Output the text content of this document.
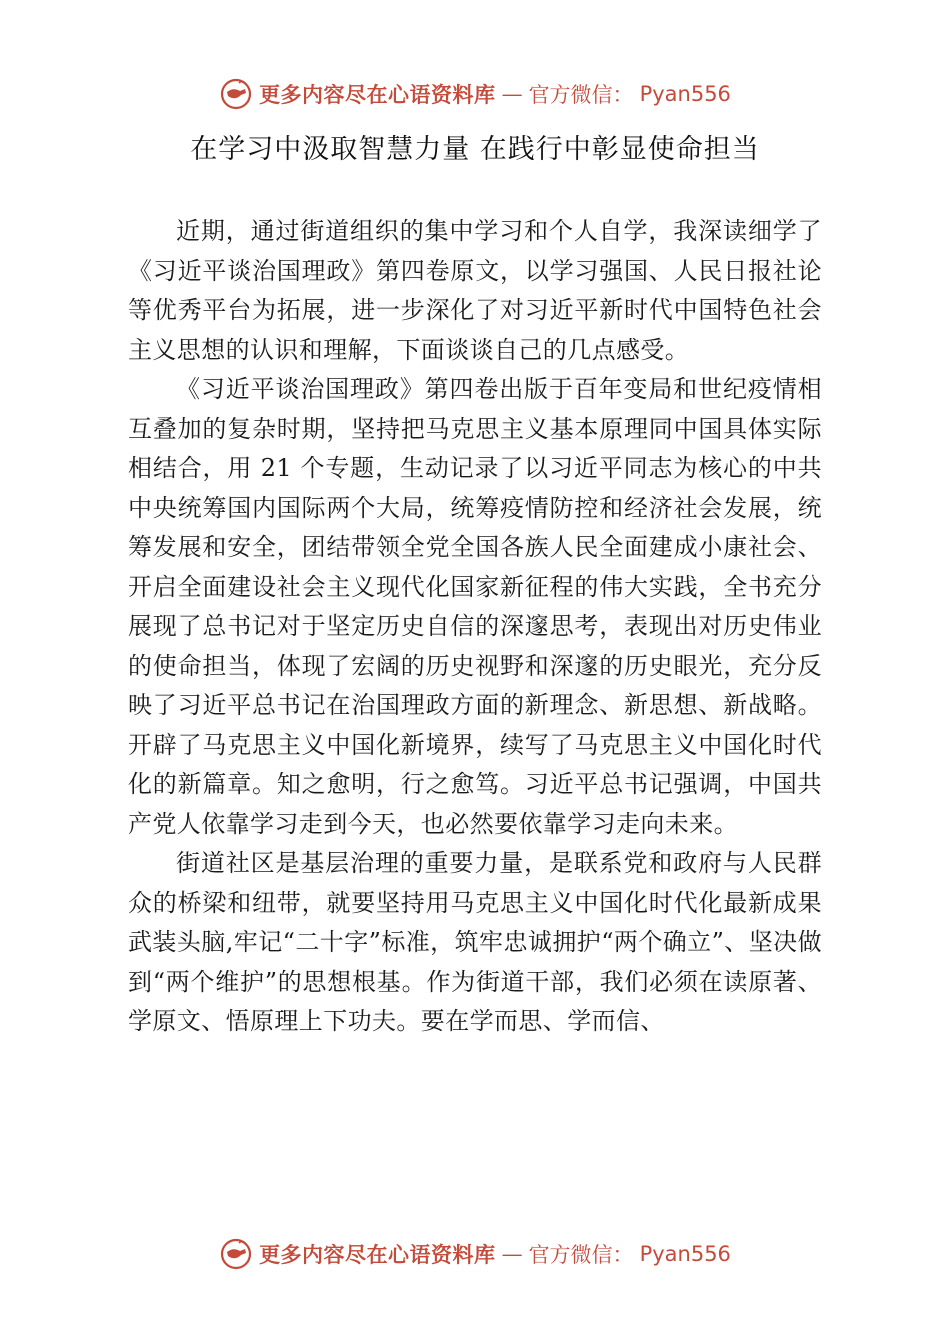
更多内容尽在心语资料库 — 官方微信： Pyan556
在学习中汲取智慧力量 在践行中彰显使命担当

近期，通过街道组织的集中学习和个人自学，我深读细学了《习近平谈治国理政》第四卷原文，以学习强国、人民日报社论等优秀平台为拓展，进一步深化了对习近平新时代中国特色社会主义思想的认识和理解，下面谈谈自己的几点感受。

《习近平谈治国理政》第四卷出版于百年变局和世纪疫情相互叠加的复杂时期，坚持把马克思主义基本原理同中国具体实际相结合，用 21 个专题，生动记录了以习近平同志为核心的中共中央统筹国内国际两个大局，统筹疫情防控和经济社会发展，统筹发展和安全，团结带领全党全国各族人民全面建成小康社会、开启全面建设社会主义现代化国家新征程的伟大实践，全书充分展现了总书记对于坚定历史自信的深邃思考，表现出对历史伟业的使命担当，体现了宏阔的历史视野和深邃的历史眼光，充分反映了习近平总书记在治国理政方面的新理念、新思想、新战略。开辟了马克思主义中国化新境界，续写了马克思主义中国化时代化的新篇章。知之愈明，行之愈笃。习近平总书记强调，中国共产党人依靠学习走到今天，也必然要依靠学习走向未来。

街道社区是基层治理的重要力量，是联系党和政府与人民群众的桥梁和纽带，就要坚持用马克思主义中国化时代化最新成果武装头脑,牢记“二十字”标准，筑牢忠诚拥护“两个确立”、坚决做到“两个维护”的思想根基。作为街道干部，我们必须在读原著、学原文、悟原理上下功夫。要在学而思、学而信、

更多内容尽在心语资料库 — 官方微信： Pyan556
